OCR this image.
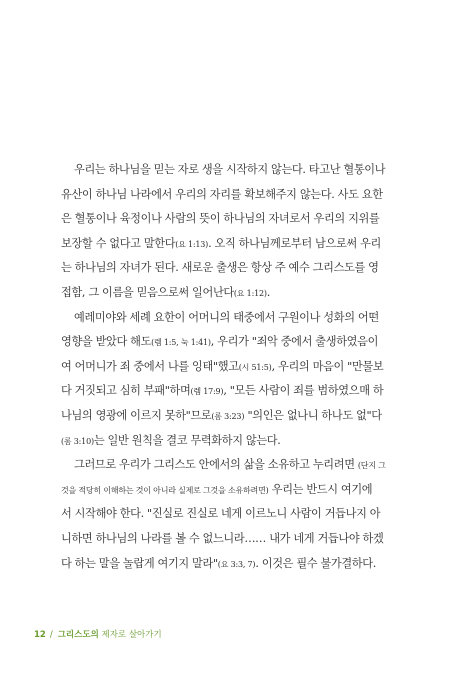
우리는 하나님을 믿는 자로 생을 시작하지 않는다. 타고난 혈통이나
유산이 하나님 나라에서 우리의 자리를 확보해주지 않는다. 사도 요한
은 혈통이나 육정이나 사람의 뜻이 하나님의 자녀로서 우리의 지위를
보장할 수 없다고 말한다(요 1:13). 오직 하나님께로부터 남으로써 우리
는 하나님의 자녀가 된다. 새로운 출생은 항상 주 예수 그리스도를 영
접함, 그 이름을 믿음으로써 일어난다(요 1:12).
예레미야와 세례 요한이 어머니의 태중에서 구원이나 성화의 어떤
영향을 받았다 해도(렘 1:5, 눅 1:41), 우리가 "죄악 중에서 출생하였음이
여 어머니가 죄 중에서 나를 잉태"했고(시 51:5), 우리의 마음이 "만물보
다 거짓되고 심히 부패"하며(렘 17:9), "모든 사람이 죄를 범하였으매 하
나님의 영광에 이르지 못하"므로(롬 3:23) "의인은 없나니 하나도 없"다
(롬 3:10)는 일반 원칙을 결코 무력화하지 않는다.
그러므로 우리가 그리스도 안에서의 삶을 소유하고 누리려면 (단지 그
것을 적당히 이해하는 것이 아니라 실제로 그것을 소유하려면) 우리는 반드시 여기에
서 시작해야 한다. "진실로 진실로 네게 이르노니 사람이 거듭나지 아
니하면 하나님의 나라를 볼 수 없느니라…… 내가 네게 거듭나야 하겠
다 하는 말을 놀랍게 여기지 말라"(요 3:3, 7). 이것은 필수 불가결하다.
12 / 그리스도의 제자로 살아가기
